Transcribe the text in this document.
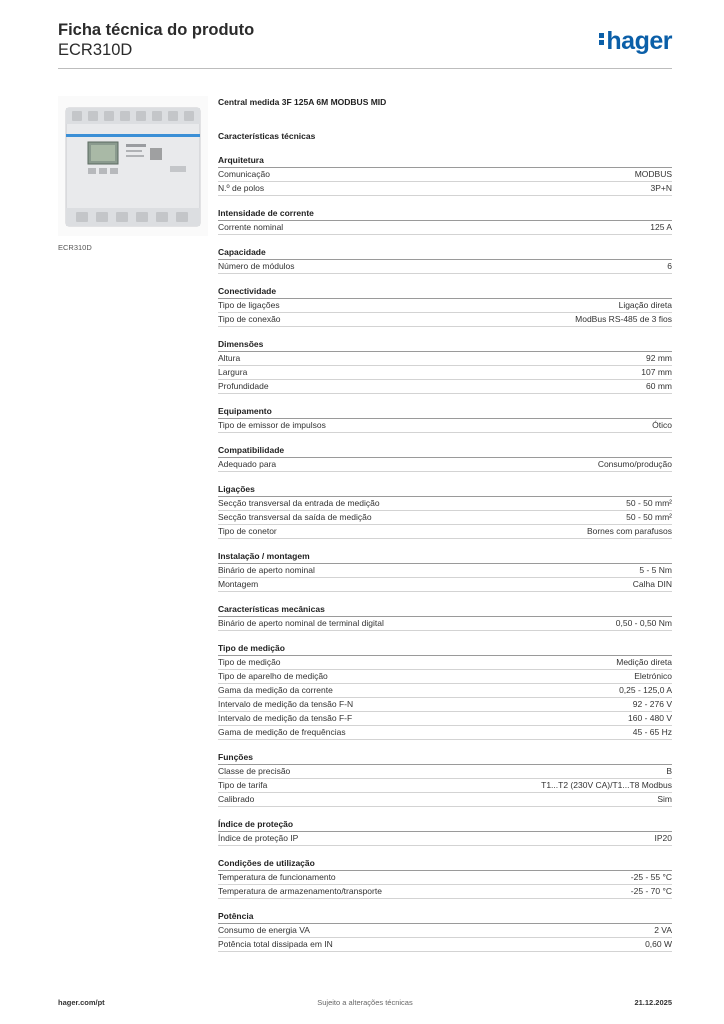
Ficha técnica do produto
ECR310D	hager
ECR310D
Central medida 3F 125A 6M MODBUS MID
Características técnicas
Arquitetura
Comunicação	MODBUS
N.º de polos	3P+N
Intensidade de corrente
Corrente nominal	125 A
Capacidade
Número de módulos	6
Conectividade
Tipo de ligações	Ligação direta
Tipo de conexão	ModBus RS-485 de 3 fios
Dimensões
Altura	92 mm
Largura	107 mm
Profundidade	60 mm
Equipamento
Tipo de emissor de impulsos	Ótico
Compatibilidade
Adequado para	Consumo/produção
Ligações
Secção transversal da entrada de medição	50 - 50 mm²
Secção transversal da saída de medição	50 - 50 mm²
Tipo de conetor	Bornes com parafusos
Instalação / montagem
Binário de aperto nominal	5 - 5 Nm
Montagem	Calha DIN
Características mecânicas
Binário de aperto nominal de terminal digital	0,50 - 0,50 Nm
Tipo de medição
Tipo de medição	Medição direta
Tipo de aparelho de medição	Eletrónico
Gama da medição da corrente	0,25 - 125,0 A
Intervalo de medição da tensão F-N	92 - 276 V
Intervalo de medição da tensão F-F	160 - 480 V
Gama de medição de frequências	45 - 65 Hz
Funções
Classe de precisão	B
Tipo de tarifa	T1...T2 (230V CA)/T1...T8 Modbus
Calibrado	Sim
Índice de proteção
Índice de proteção IP	IP20
Condições de utilização
Temperatura de funcionamento	-25 - 55 °C
Temperatura de armazenamento/transporte	-25 - 70 °C
Potência
Consumo de energia VA	2 VA
Potência total dissipada em IN	0,60 W
hager.com/pt	Sujeito a alterações técnicas	21.12.2025
